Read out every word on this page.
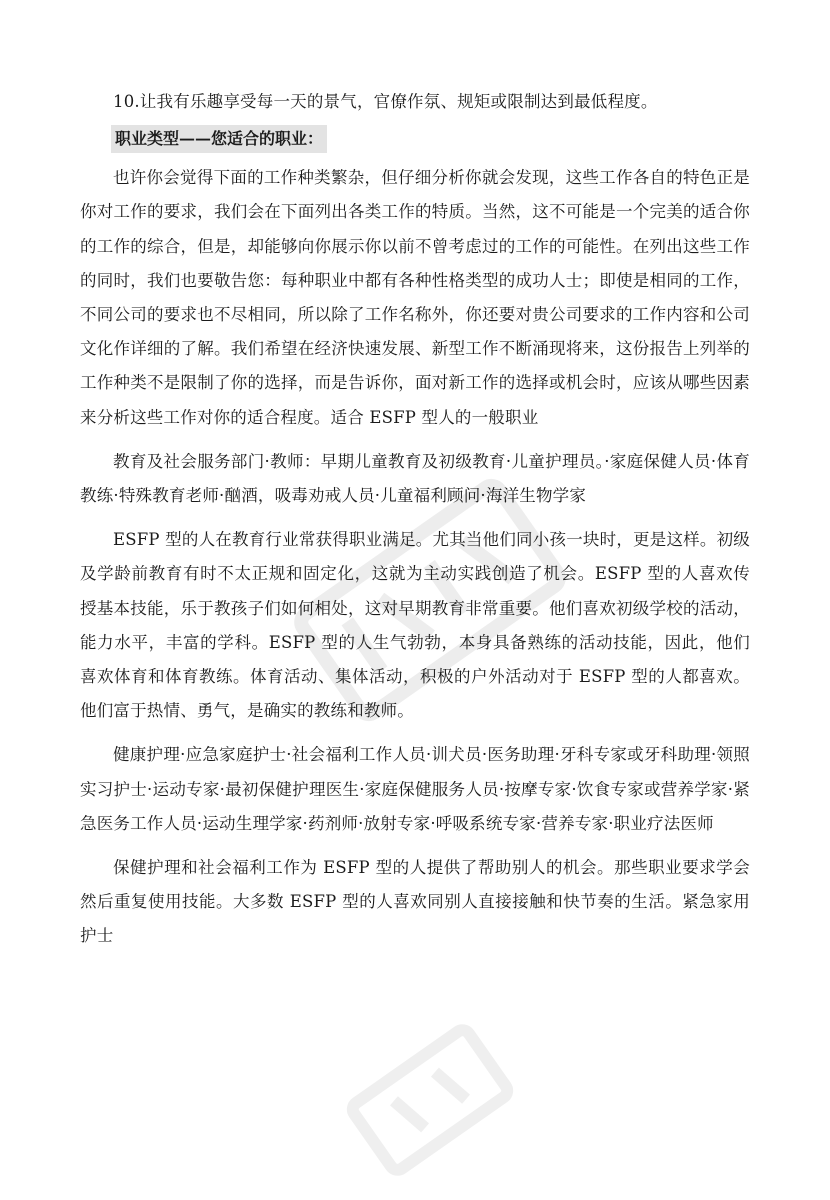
10.让我有乐趣享受每一天的景气，官僚作氛、规矩或限制达到最低程度。

职业类型——您适合的职业：

也许你会觉得下面的工作种类繁杂，但仔细分析你就会发现，这些工作各自的特色正是你对工作的要求，我们会在下面列出各类工作的特质。当然，这不可能是一个完美的适合你的工作的综合，但是，却能够向你展示你以前不曾考虑过的工作的可能性。在列出这些工作的同时，我们也要敬告您：每种职业中都有各种性格类型的成功人士；即使是相同的工作，不同公司的要求也不尽相同，所以除了工作名称外，你还要对贵公司要求的工作内容和公司文化作详细的了解。我们希望在经济快速发展、新型工作不断涌现将来，这份报告上列举的工作种类不是限制了你的选择，而是告诉你，面对新工作的选择或机会时，应该从哪些因素来分析这些工作对你的适合程度。适合 ESFP 型人的一般职业

教育及社会服务部门·教师：早期儿童教育及初级教育·儿童护理员。·家庭保健人员·体育教练·特殊教育老师·酗酒，吸毒劝戒人员·儿童福利顾问·海洋生物学家

ESFP 型的人在教育行业常获得职业满足。尤其当他们同小孩一块时，更是这样。初级及学龄前教育有时不太正规和固定化，这就为主动实践创造了机会。ESFP 型的人喜欢传授基本技能，乐于教孩子们如何相处，这对早期教育非常重要。他们喜欢初级学校的活动，能力水平，丰富的学科。ESFP 型的人生气勃勃，本身具备熟练的活动技能，因此，他们喜欢体育和体育教练。体育活动、集体活动，积极的户外活动对于 ESFP 型的人都喜欢。他们富于热情、勇气，是确实的教练和教师。

健康护理·应急家庭护士·社会福利工作人员·训犬员·医务助理·牙科专家或牙科助理·领照实习护士·运动专家·最初保健护理医生·家庭保健服务人员·按摩专家·饮食专家或营养学家·紧急医务工作人员·运动生理学家·药剂师·放射专家·呼吸系统专家·营养专家·职业疗法医师

保健护理和社会福利工作为 ESFP 型的人提供了帮助别人的机会。那些职业要求学会然后重复使用技能。大多数 ESFP 型的人喜欢同别人直接接触和快节奏的生活。紧急家用护士
